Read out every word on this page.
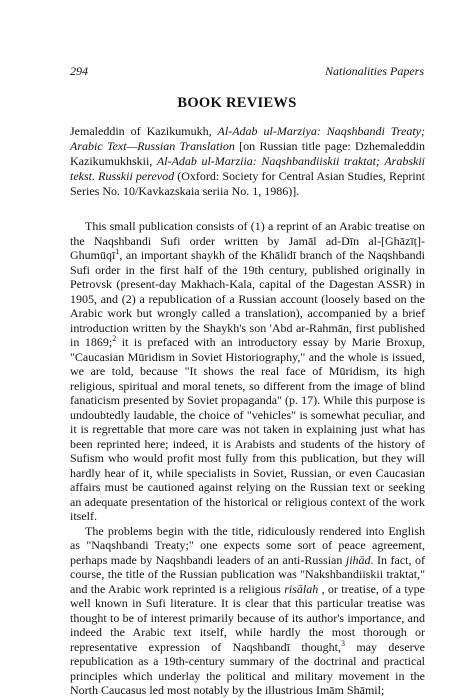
294	Nationalities Papers
BOOK REVIEWS
Jemaleddin of Kazikumukh, Al-Adab ul-Marziya: Naqshbandi Treaty; Arabic Text—Russian Translation [on Russian title page: Dzhemaleddin Kazikumukhskii, Al-Adab ul-Marziia: Naqshbandiiskii traktat; Arabskii tekst. Russkii perevod (Oxford: Society for Central Asian Studies, Reprint Series No. 10/Kavkazskaia seriia No. 1, 1986)].

This small publication consists of (1) a reprint of an Arabic treatise on the Naqshbandi Sufi order written by Jamāl ad-Dīn al-[Ghāzīṭ]-Ghumūqī$^1$, an important shaykh of the Khālidī branch of the Naqshbandi Sufi order in the first half of the 19th century, published originally in Petrovsk (present-day Makhach-Kala, capital of the Dagestan ASSR) in 1905, and (2) a republication of a Russian account (loosely based on the Arabic work but wrongly called a translation), accompanied by a brief introduction written by the Shaykh's son 'Abd ar-Rahmān, first published in 1869;$^2$ it is prefaced with an introductory essay by Marie Broxup, "Caucasian Mūridism in Soviet Historiography," and the whole is issued, we are told, because "It shows the real face of Mūridism, its high religious, spiritual and moral tenets, so different from the image of blind fanaticism presented by Soviet propaganda" (p. 17). While this purpose is undoubtedly laudable, the choice of "vehicles" is somewhat peculiar, and it is regrettable that more care was not taken in explaining just what has been reprinted here; indeed, it is Arabists and students of the history of Sufism who would profit most fully from this publication, but they will hardly hear of it, while specialists in Soviet, Russian, or even Caucasian affairs must be cautioned against relying on the Russian text or seeking an adequate presentation of the historical or religious context of the work itself.

The problems begin with the title, ridiculously rendered into English as "Naqshbandi Treaty;" one expects some sort of peace agreement, perhaps made by Naqshbandi leaders of an anti-Russian jihād. In fact, of course, the title of the Russian publication was "Nakshbandiiskii traktat," and the Arabic work reprinted is a religious risālah , or treatise, of a type well known in Sufi literature. It is clear that this particular treatise was thought to be of interest primarily because of its author's importance, and indeed the Arabic text itself, while hardly the most thorough or representative expression of Naqshbandī thought,$^3$ may deserve republication as a 19th-century summary of the doctrinal and practical principles which underlay the political and military movement in the North Caucasus led most notably by the illustrious Imām Shāmil;
